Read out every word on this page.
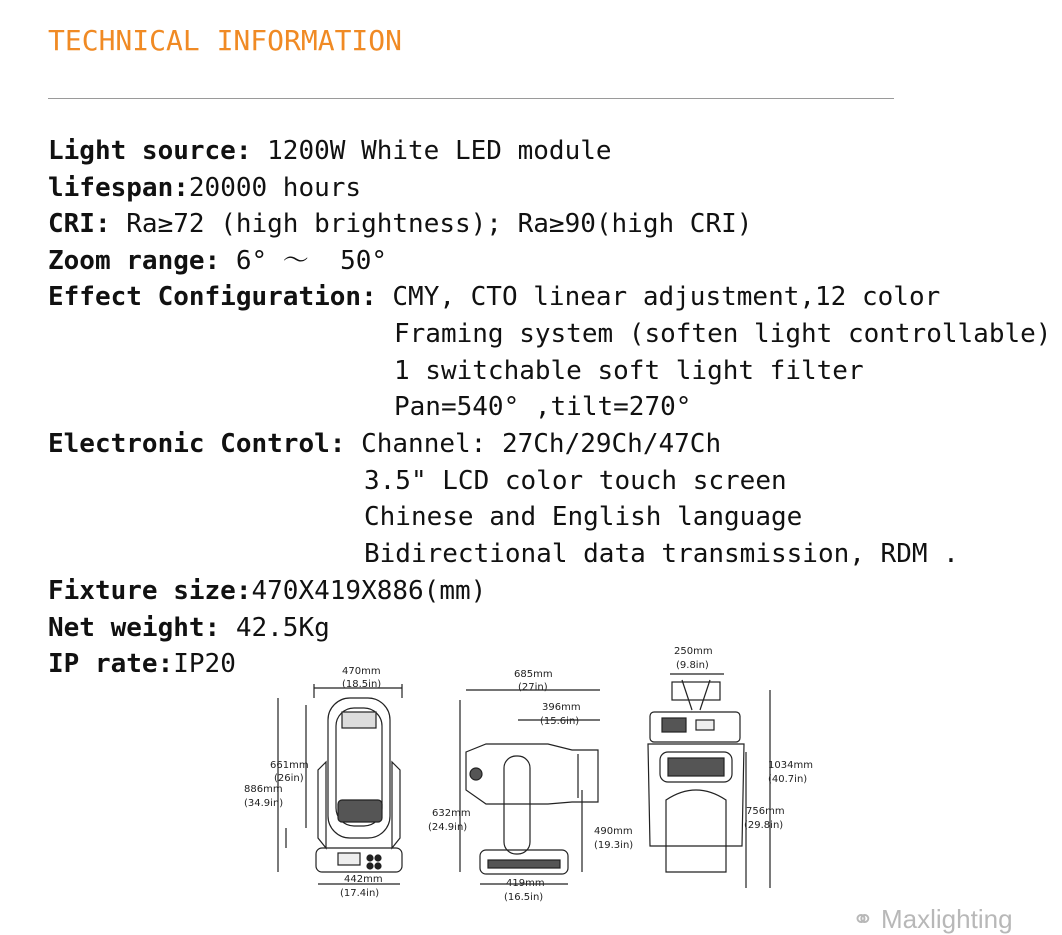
TECHNICAL INFORMATION
Light source: 1200W White LED module
lifespan:20000 hours
CRI: Ra≥72 (high brightness); Ra≥90(high CRI)
Zoom range: 6° ～  50°
Effect Configuration: CMY, CTO linear adjustment,12 color
Framing system (soften light controllable)
1 switchable soft light filter
Pan=540° ,tilt=270°
Electronic Control: Channel: 27Ch/29Ch/47Ch
3.5" LCD color touch screen
Chinese and English language
Bidirectional data transmission, RDM .
Fixture size:470X419X886(mm)
Net weight: 42.5Kg
IP rate:IP20	470mm
(18.5in)
661mm
(26in)
886mm
(34.9in)
442mm
(17.4in)
685mm
(27in)
396mm
(15.6in)
632mm
(24.9in)	490mm
(19.3in)
419mm
(16.5in)
250mm
(9.8in)
1034mm
(40.7in)
756mm
(29.8in)
⚭ Maxlighting
